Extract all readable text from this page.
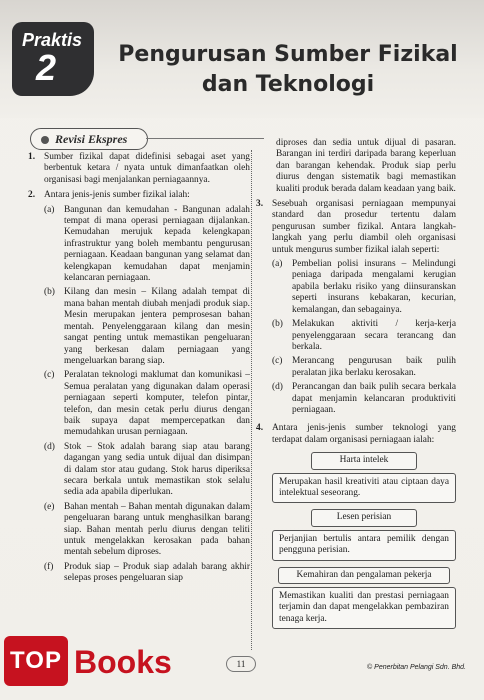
Praktis
2	Pengurusan Sumber Fizikal
dan Teknologi
Revisi Ekspres
1. Sumber fizikal dapat didefinisi sebagai aset yang berbentuk ketara / nyata untuk dimanfaatkan oleh organisasi bagi menjalankan perniagaannya.
2. Antara jenis-jenis sumber fizikal ialah:
(a)	Bangunan dan kemudahan - Bangunan adalah tempat di mana operasi perniagaan dijalankan. Kemudahan merujuk kepada kelengkapan infrastruktur yang boleh membantu pengurusan perniagaan. Keadaan bangunan yang selamat dan kelengkapan kemudahan dapat menjamin kelancaran perniagaan.
(b) Kilang dan mesin – Kilang adalah tempat di mana bahan mentah diubah menjadi produk siap. Mesin merupakan jentera pemprosesan bahan mentah. Penyelenggaraan kilang dan mesin sangat penting untuk memastikan pengeluaran yang berkesan dalam perniagaan yang mengeluarkan barang siap.
(c)	Peralatan teknologi maklumat dan komunikasi – Semua peralatan yang digunakan dalam operasi perniagaan seperti komputer, telefon pintar, telefon, dan mesin cetak perlu diurus dengan baik supaya dapat mempercepatkan dan memudahkan urusan perniagaan.
(d) Stok – Stok adalah barang siap atau barang dagangan yang sedia untuk dijual dan disimpan di dalam stor atau gudang. Stok harus diperiksa secara berkala untuk memastikan stok selalu sedia ada apabila diperlukan.
(e)	Bahan mentah – Bahan mentah digunakan dalam pengeluaran barang untuk menghasilkan barang siap. Bahan mentah perlu diurus dengan teliti untuk mengelakkan kerosakan pada bahan mentah sebelum diproses.
(f)	Produk siap – Produk siap adalah barang akhir selepas proses pengeluaran siap
diproses dan sedia untuk dijual di pasaran. Barangan ini terdiri daripada barang keperluan dan barangan kehendak. Produk siap perlu diurus dengan sistematik bagi memastikan kualiti produk berada dalam keadaan yang baik.
3. Sesebuah organisasi perniagaan mempunyai standard dan prosedur tertentu dalam pengurusan sumber fizikal. Antara langkah-langkah yang perlu diambil oleh organisasi untuk mengurus sumber fizikal ialah seperti:
(a)	Pembelian polisi insurans – Melindungi peniaga daripada mengalami kerugian apabila berlaku risiko yang diinsuranskan seperti insurans kebakaran, kecurian, kemalangan, dan sebagainya.
(b) Melakukan aktiviti / kerja-kerja penyelenggaraan secara terancang dan berkala.
(c)	Merancang pengurusan baik pulih peralatan jika berlaku kerosakan.
(d) Perancangan dan baik pulih secara berkala dapat menjamin kelancaran produktiviti perniagaan.
4. Antara jenis-jenis sumber teknologi yang terdapat dalam organisasi perniagaan ialah:
Harta intelek
Merupakan hasil kreativiti atau ciptaan daya intelektual seseorang.
Lesen perisian
Perjanjian bertulis antara pemilik dengan pengguna perisian.
Kemahiran dan pengalaman pekerja
Memastikan kualiti dan prestasi perniagaan terjamin dan dapat mengelakkan pembaziran tenaga kerja.
11	© Penerbitan Pelangi Sdn. Bhd.
TOP Books
